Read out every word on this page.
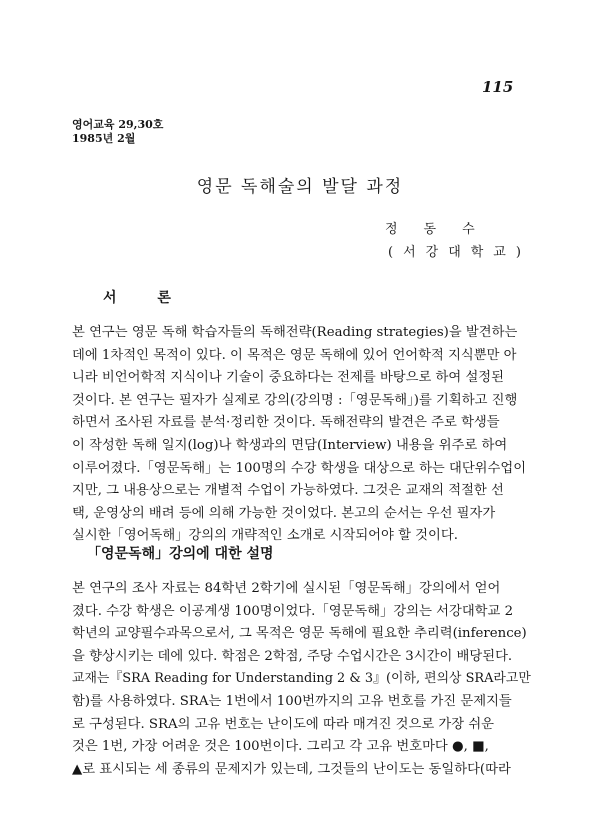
115
영어교육 29,30호
1985년 2월
영문 독해술의 발달 과정
정동수
(서강대학교)
서 론
본 연구는 영문 독해 학습자들의 독해전략(Reading strategies)을 발견하는
데에 1차적인 목적이 있다. 이 목적은 영문 독해에 있어 언어학적 지식뿐만 아
니라 비언어학적 지식이나 기술이 중요하다는 전제를 바탕으로 하여 설정된
것이다. 본 연구는 필자가 실제로 강의(강의명 :「영문독해」)를 기획하고 진행
하면서 조사된 자료를 분석·정리한 것이다. 독해전략의 발견은 주로 학생들
이 작성한 독해 일지(log)나 학생과의 면담(Interview) 내용을 위주로 하여
이루어졌다.「영문독해」는 100명의 수강 학생을 대상으로 하는 대단위수업이
지만, 그 내용상으로는 개별적 수업이 가능하였다. 그것은 교재의 적절한 선
택, 운영상의 배려 등에 의해 가능한 것이었다. 본고의 순서는 우선 필자가
실시한「영어독해」강의의 개략적인 소개로 시작되어야 할 것이다.
「영문독해」강의에 대한 설명
본 연구의 조사 자료는 84학년 2학기에 실시된「영문독해」강의에서 얻어
졌다. 수강 학생은 이공계생 100명이었다.「영문독해」강의는 서강대학교 2
학년의 교양필수과목으로서, 그 목적은 영문 독해에 필요한 추리력(inference)
을 향상시키는 데에 있다. 학점은 2학점, 주당 수업시간은 3시간이 배당된다.
교재는『SRA Reading for Understanding 2 & 3』(이하, 편의상 SRA라고만
함)를 사용하였다. SRA는 1번에서 100번까지의 고유 번호를 가진 문제지들
로 구성된다. SRA의 고유 번호는 난이도에 따라 매겨진 것으로 가장 쉬운
것은 1번, 가장 어려운 것은 100번이다. 그리고 각 고유 번호마다 ●, ■,
▲로 표시되는 세 종류의 문제지가 있는데, 그것들의 난이도는 동일하다(따라
